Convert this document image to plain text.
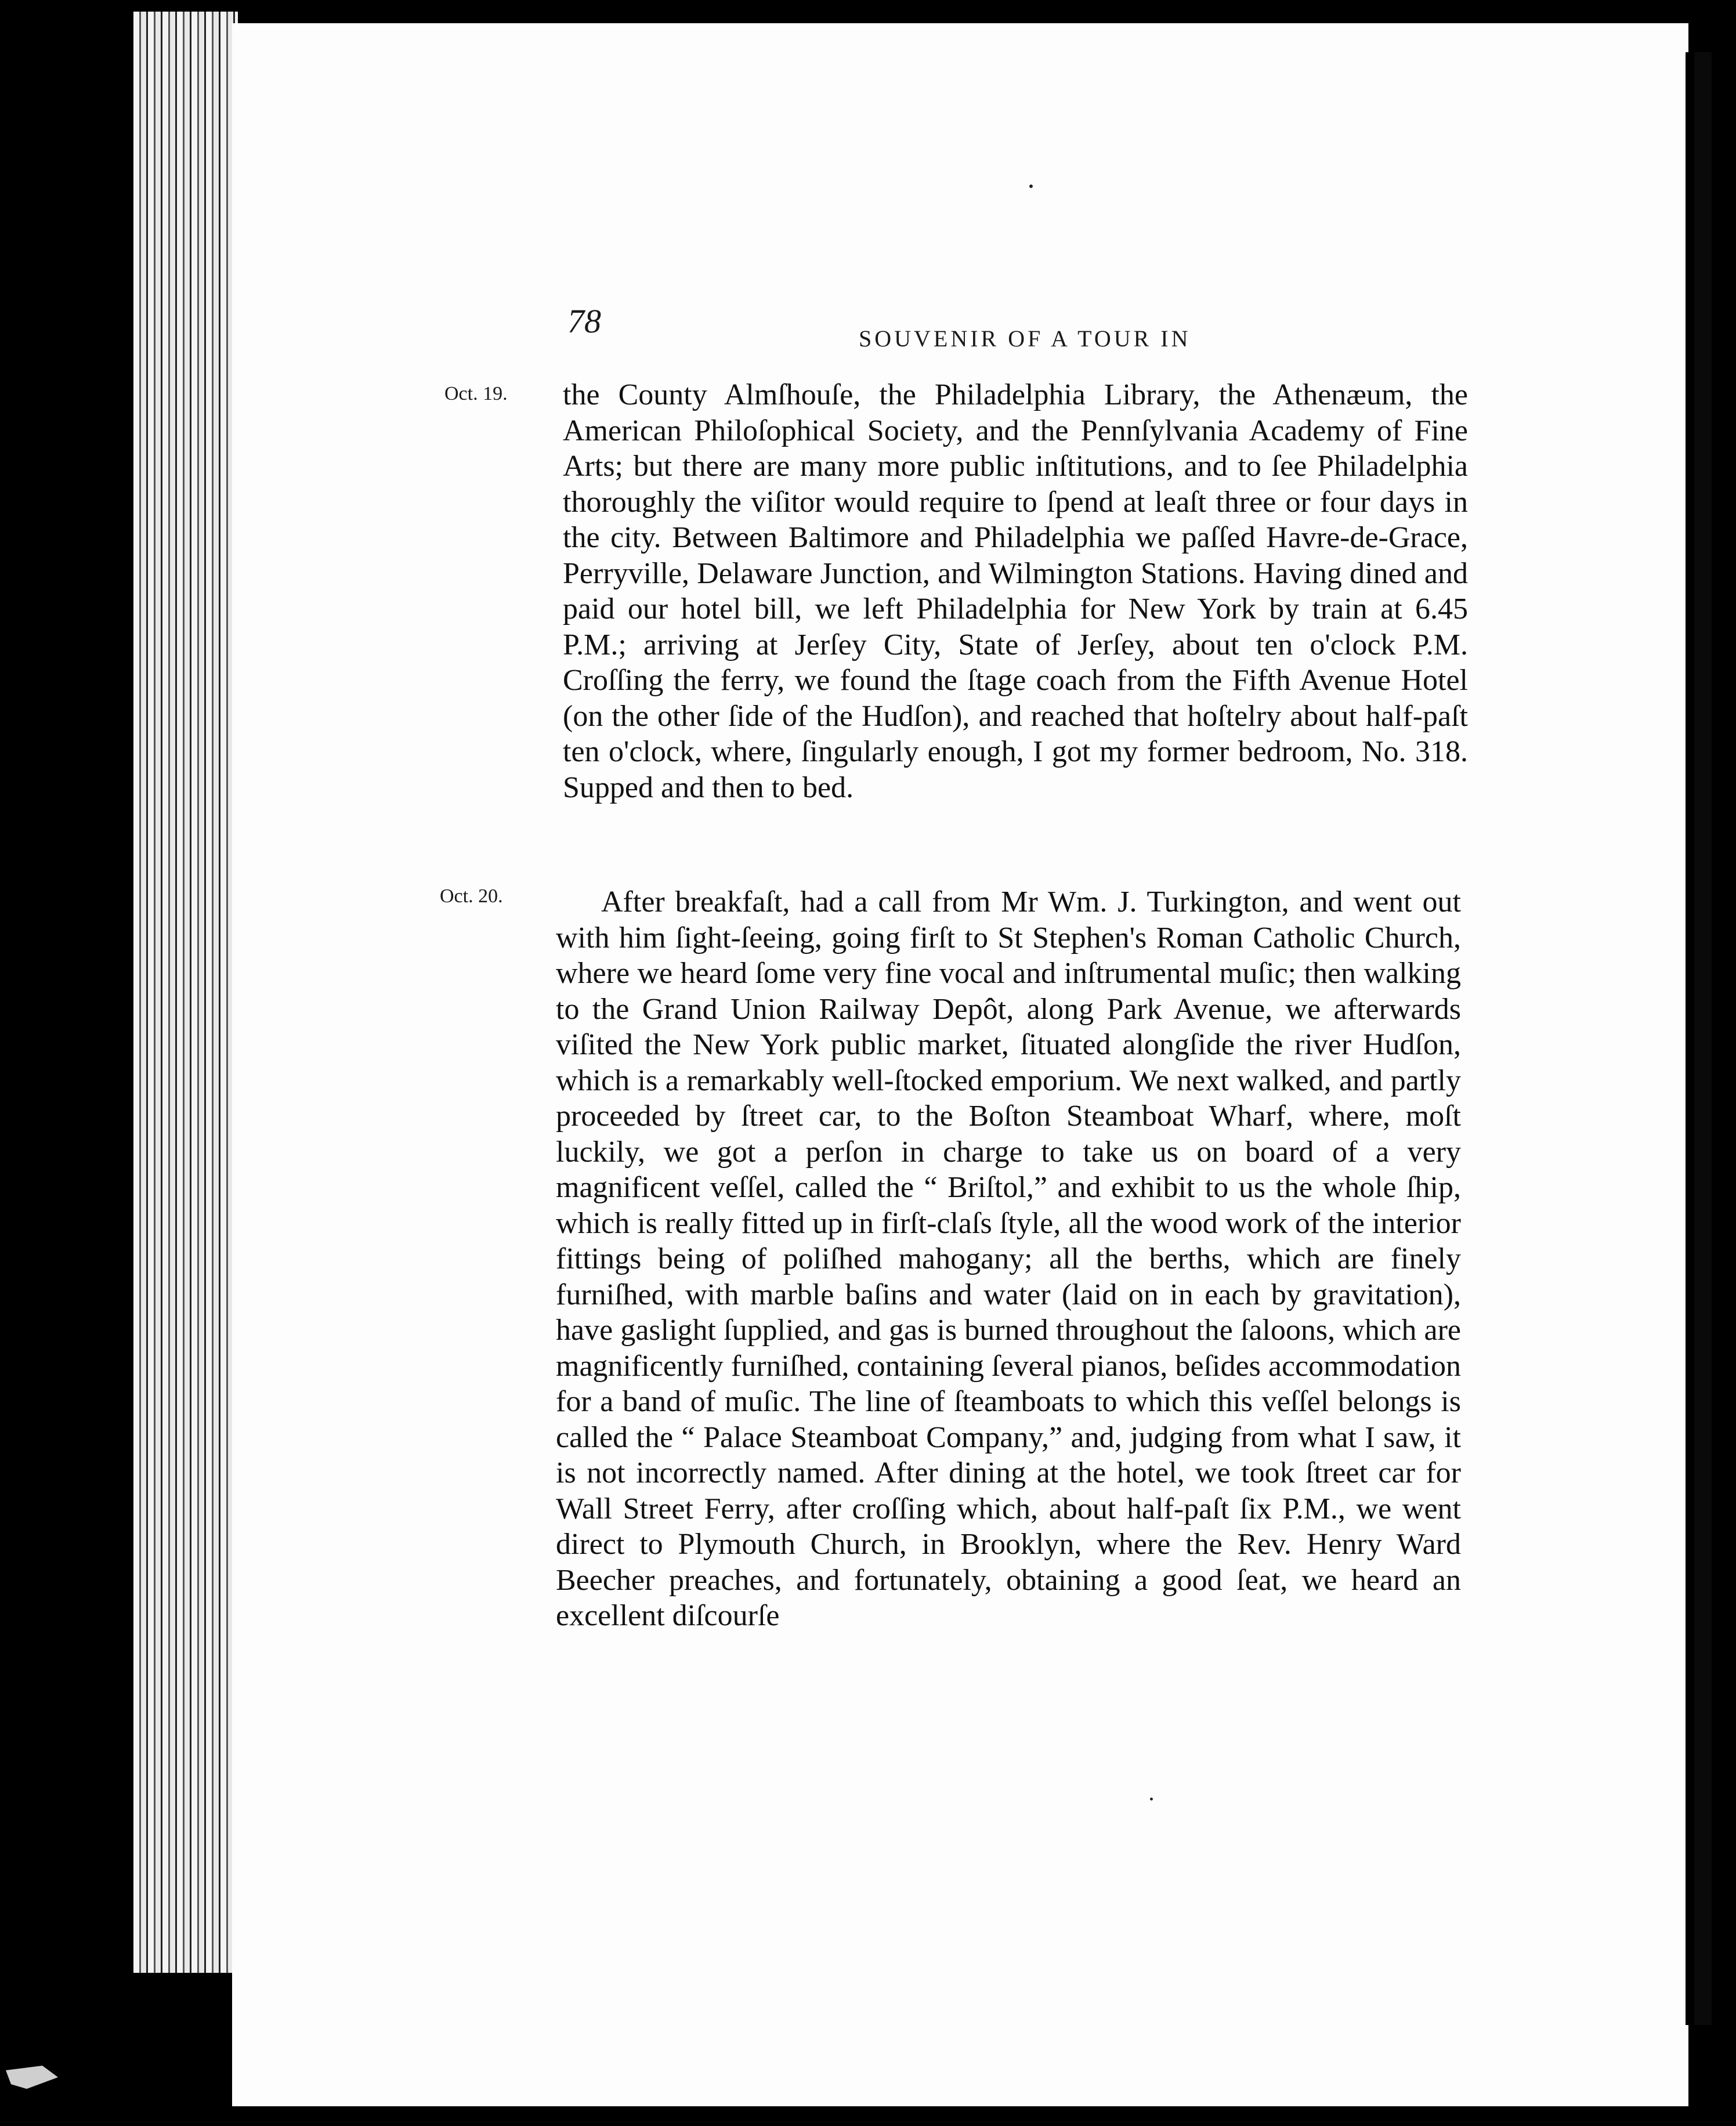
78	SOUVENIR OF A TOUR IN
Oct. 19. the County Almſhouſe, the Philadelphia Library, the Athenæum, the American Philoſophical Society, and the Pennſylvania Academy of Fine Arts; but there are many more public inſtitutions, and to ſee Philadelphia thoroughly the viſitor would require to ſpend at leaſt three or four days in the city. Between Baltimore and Philadelphia we paſſed Havre-de-Grace, Perryville, Delaware Junction, and Wilmington Stations. Having dined and paid our hotel bill, we left Philadelphia for New York by train at 6.45 P.M.; arriving at Jerſey City, State of Jerſey, about ten o'clock P.M. Croſſing the ferry, we found the ſtage coach from the Fifth Avenue Hotel (on the other ſide of the Hudſon), and reached that hoſtelry about half-paſt ten o'clock, where, ſingularly enough, I got my former bedroom, No. 318. Supped and then to bed.
Oct. 20.	After breakfaſt, had a call from Mr Wm. J. Turkington, and went out with him ſight-ſeeing, going firſt to St Stephen's Roman Catholic Church, where we heard ſome very fine vocal and inſtrumental muſic; then walking to the Grand Union Railway Depôt, along Park Avenue, we afterwards viſited the New York public market, ſituated alongſide the river Hudſon, which is a remarkably well-ſtocked emporium. We next walked, and partly proceeded by ſtreet car, to the Boſton Steamboat Wharf, where, moſt luckily, we got a perſon in charge to take us on board of a very magnificent veſſel, called the “ Briſtol,” and exhibit to us the whole ſhip, which is really fitted up in firſt-claſs ſtyle, all the wood work of the interior fittings being of poliſhed mahogany; all the berths, which are finely furniſhed, with marble baſins and water (laid on in each by gravitation), have gaslight ſupplied, and gas is burned throughout the ſaloons, which are magnificently furniſhed, containing ſeveral pianos, beſides accommodation for a band of muſic. The line of ſteamboats to which this veſſel belongs is called the “ Palace Steamboat Company,” and, judging from what I saw, it is not incorrectly named. After dining at the hotel, we took ſtreet car for Wall Street Ferry, after croſſing which, about half-paſt ſix P.M., we went direct to Plymouth Church, in Brooklyn, where the Rev. Henry Ward Beecher preaches, and fortunately, obtaining a good ſeat, we heard an excellent diſcourſe
